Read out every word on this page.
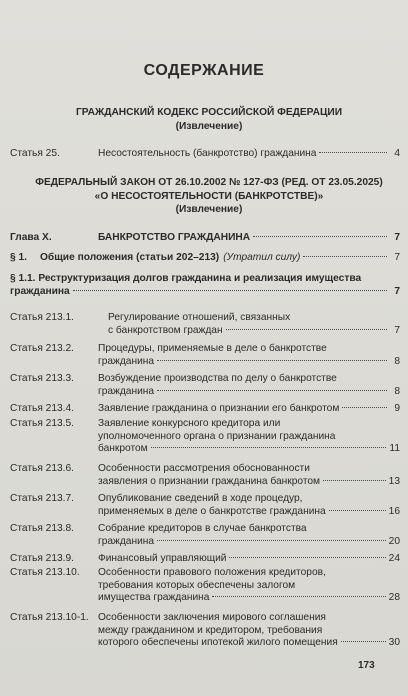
СОДЕРЖАНИЕ
ГРАЖДАНСКИЙ КОДЕКС РОССИЙСКОЙ ФЕДЕРАЦИИ
(Извлечение)
Статья 25.	Несостоятельность (банкротство) гражданина	4
ФЕДЕРАЛЬНЫЙ ЗАКОН ОТ 26.10.2002 № 127-ФЗ (РЕД. ОТ 23.05.2025)
«О НЕСОСТОЯТЕЛЬНОСТИ (БАНКРОТСТВЕ)»
(Извлечение)
Глава X.	БАНКРОТСТВО ГРАЖДАНИНА	7
§ 1.	Общие положения (статьи 202–213) (Утратил силу)	7
§ 1.1. Реструктуризация долгов гражданина и реализация имущества
гражданина	7
Статья 213.1.	Регулирование отношений, связанных
с банкротством граждан	7
Статья 213.2.	Процедуры, применяемые в деле о банкротстве
гражданина	8
Статья 213.3.	Возбуждение производства по делу о банкротстве
гражданина	8
Статья 213.4.	Заявление гражданина о признании его банкротом	9
Статья 213.5.	Заявление конкурсного кредитора или
уполномоченного органа о признании гражданина
банкротом	11
Статья 213.6.	Особенности рассмотрения обоснованности
заявления о признании гражданина банкротом	13
Статья 213.7.	Опубликование сведений в ходе процедур,
применяемых в деле о банкротстве гражданина	16
Статья 213.8.	Собрание кредиторов в случае банкротства
гражданина	20
Статья 213.9.	Финансовый управляющий	24
Статья 213.10.	Особенности правового положения кредиторов,
требования которых обеспечены залогом
имущества гражданина	28
Статья 213.10-1. Особенности заключения мирового соглашения
между гражданином и кредитором, требования
которого обеспечены ипотекой жилого помещения	30
173
